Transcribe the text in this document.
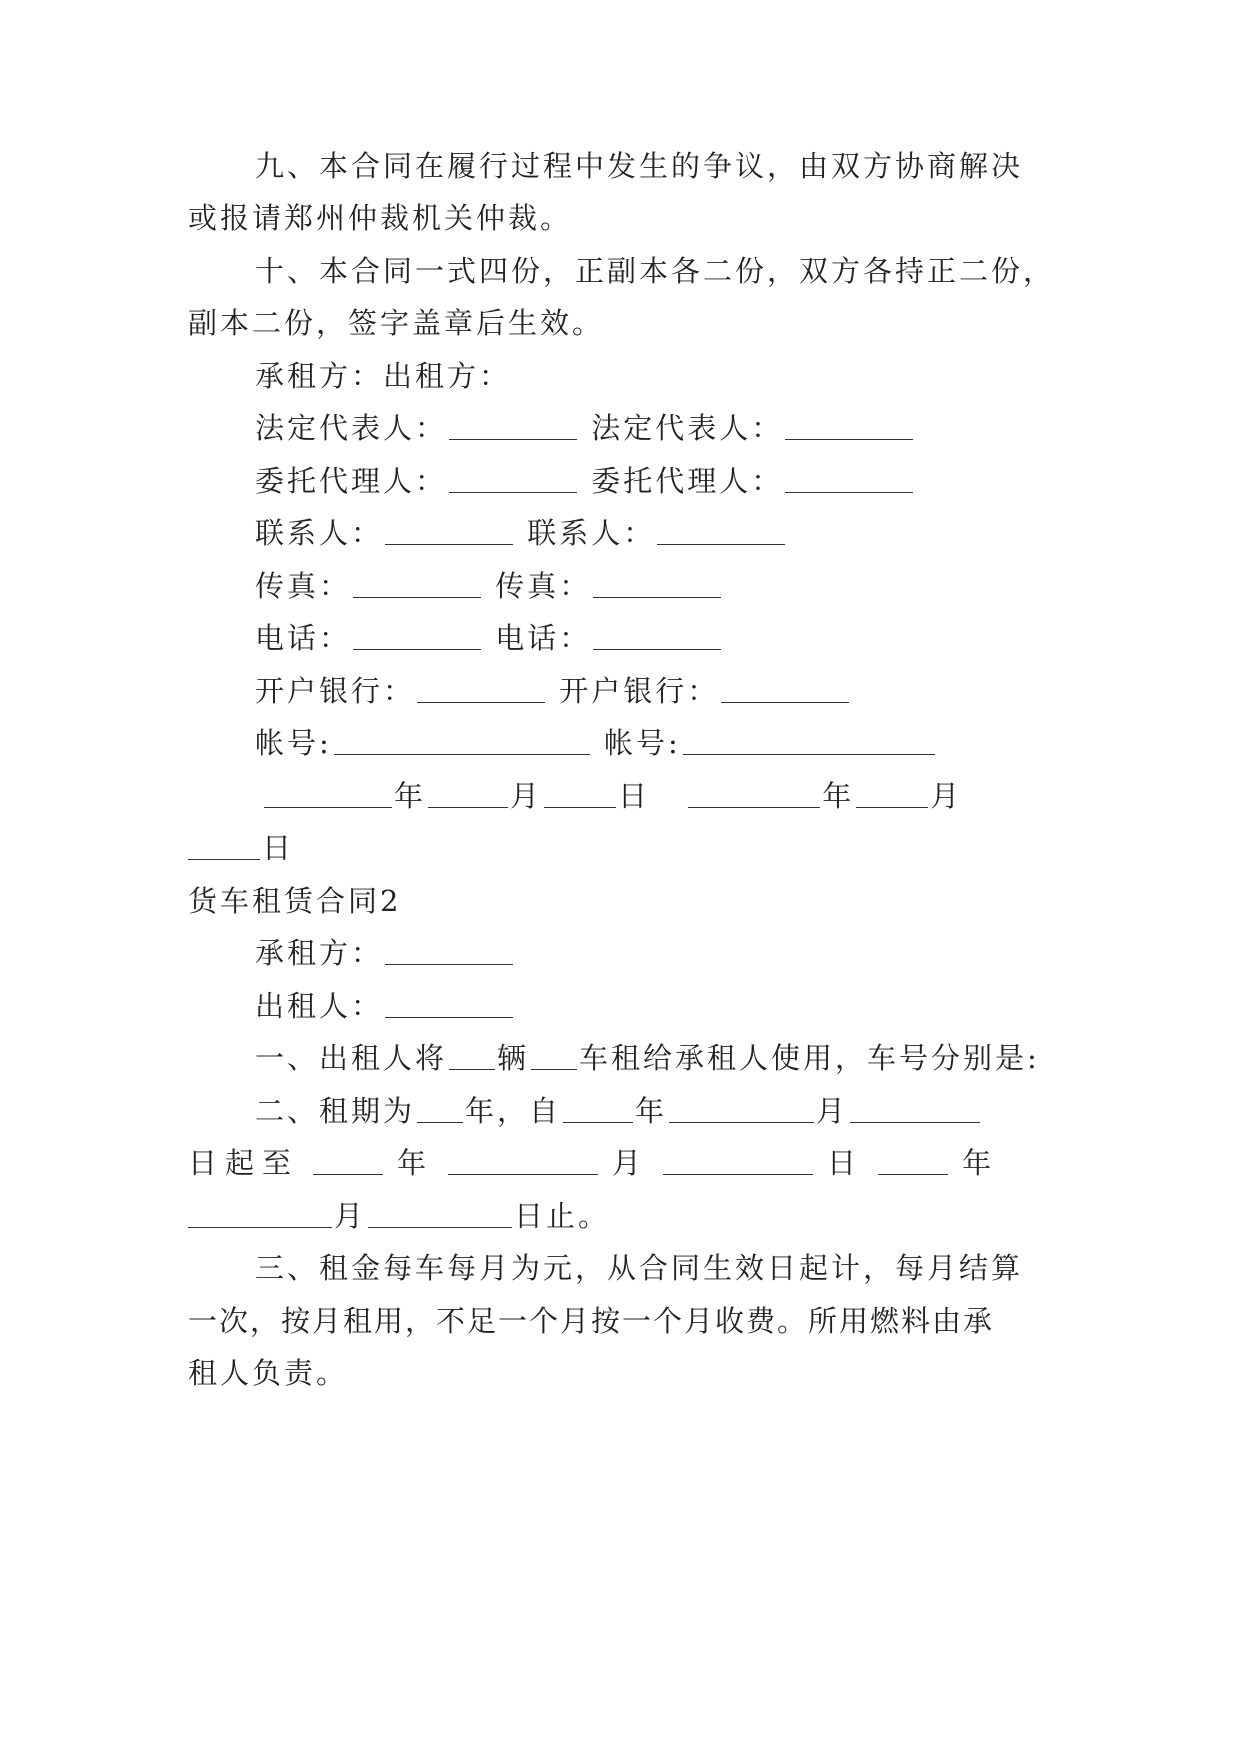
九、本合同在履行过程中发生的争议，由双方协商解决
或报请郑州仲裁机关仲裁。
十、本合同一式四份，正副本各二份，双方各持正二份，
副本二份，签字盖章后生效。
承租方：出租方：
法定代表人：	法定代表人：
委托代理人：	委托代理人：
联系人：	联系人：
传真：	传真：
电话：	电话：
开户银行：	开户银行：
帐号:	帐号:
年	月	日	年	月
日
货车租赁合同2
承租方：
出租人：
一、出租人将 辆 车租给承租人使用，车号分别是:
二、租期为 年，自	年	月
日起至	年	月	日	年
月	日止。
三、租金每车每月为元，从合同生效日起计，每月结算
一次，按月租用，不足一个月按一个月收费。所用燃料由承
租人负责。
